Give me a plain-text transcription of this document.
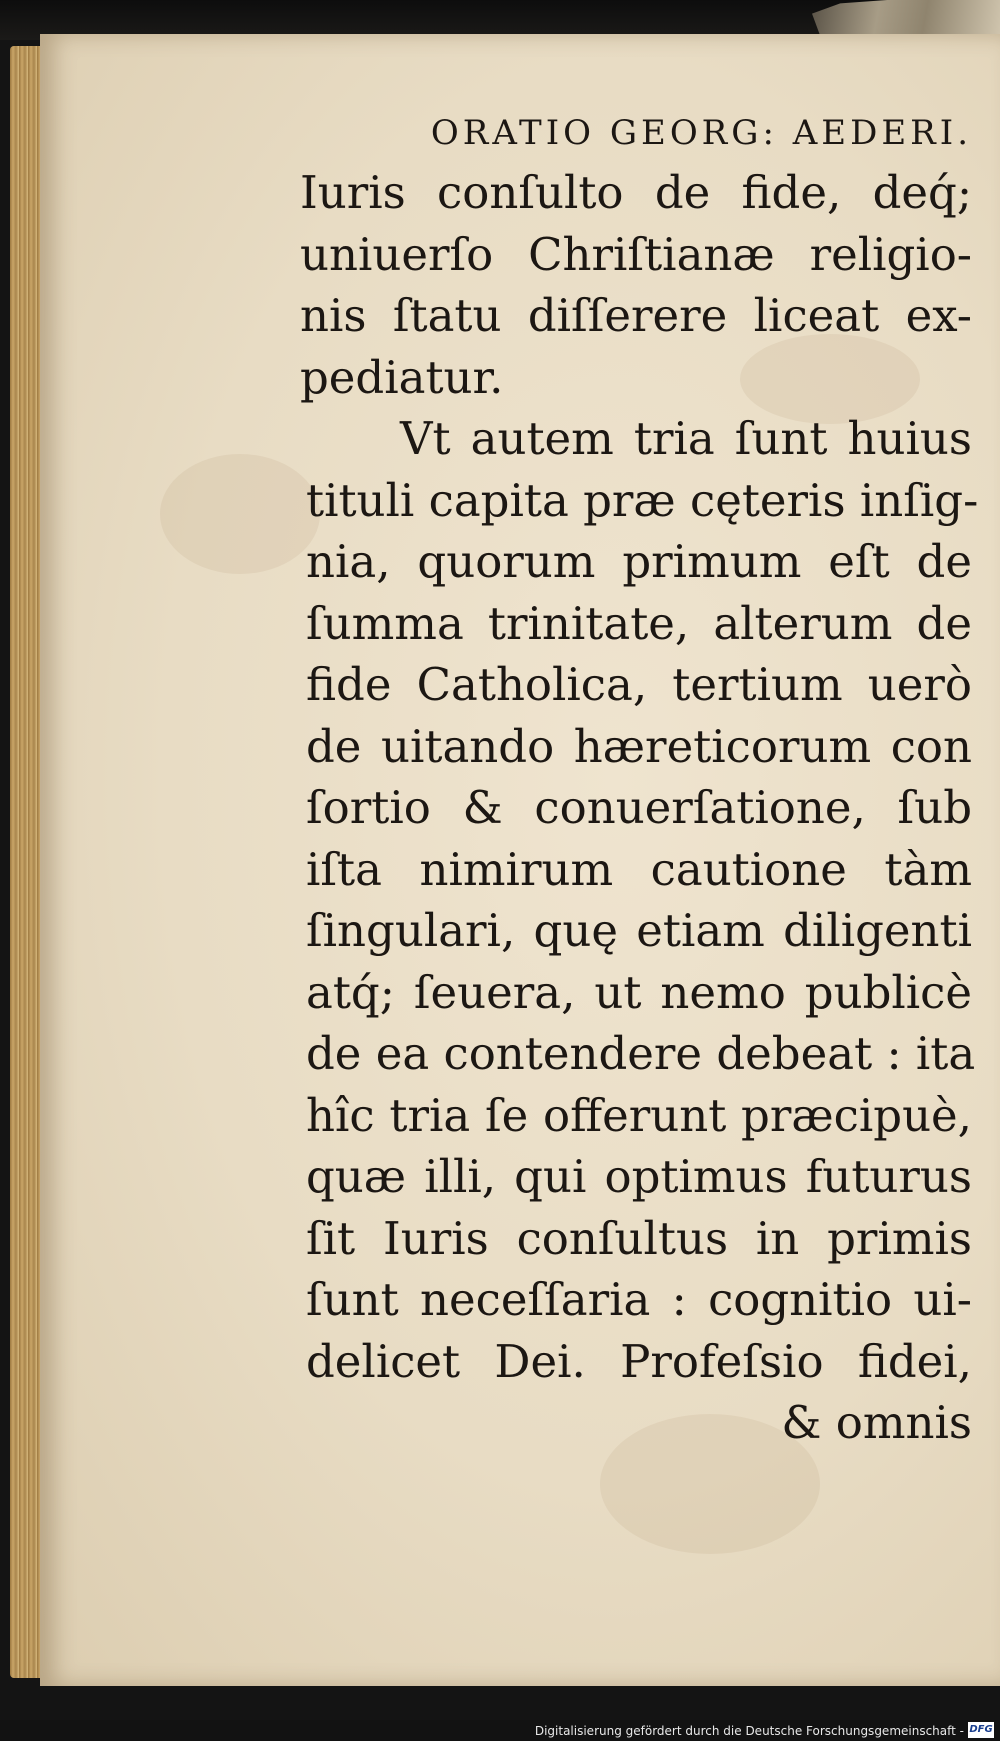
ORATIO GEORG: AEDERI.
Iuris conſulto de fide, deq́;
uniuerſo Chriſtianæ religio-
nis ſtatu diſſerere liceat ex-
pediatur.
Vt autem tria ſunt huius
tituli capita præ cęteris inſig-
nia, quorum primum eſt de
ſumma trinitate, alterum de
fide Catholica, tertium uerò
de uitando hæreticorum con
ſortio & conuerſatione, ſub
iſta nimirum cautione tàm
ſingulari, quę etiam diligenti
atq́; ſeuera, ut nemo publicè
de ea contendere debeat : ita
hîc tria ſe offerunt præcipuè,
quæ illi, qui optimus futurus
ſit Iuris conſultus in primis
ſunt neceſſaria : cognitio ui-
delicet Dei. Profeſsio fidei,
& omnis
Digitalisierung gefördert durch die Deutsche Forschungsgemeinschaft - DFG
